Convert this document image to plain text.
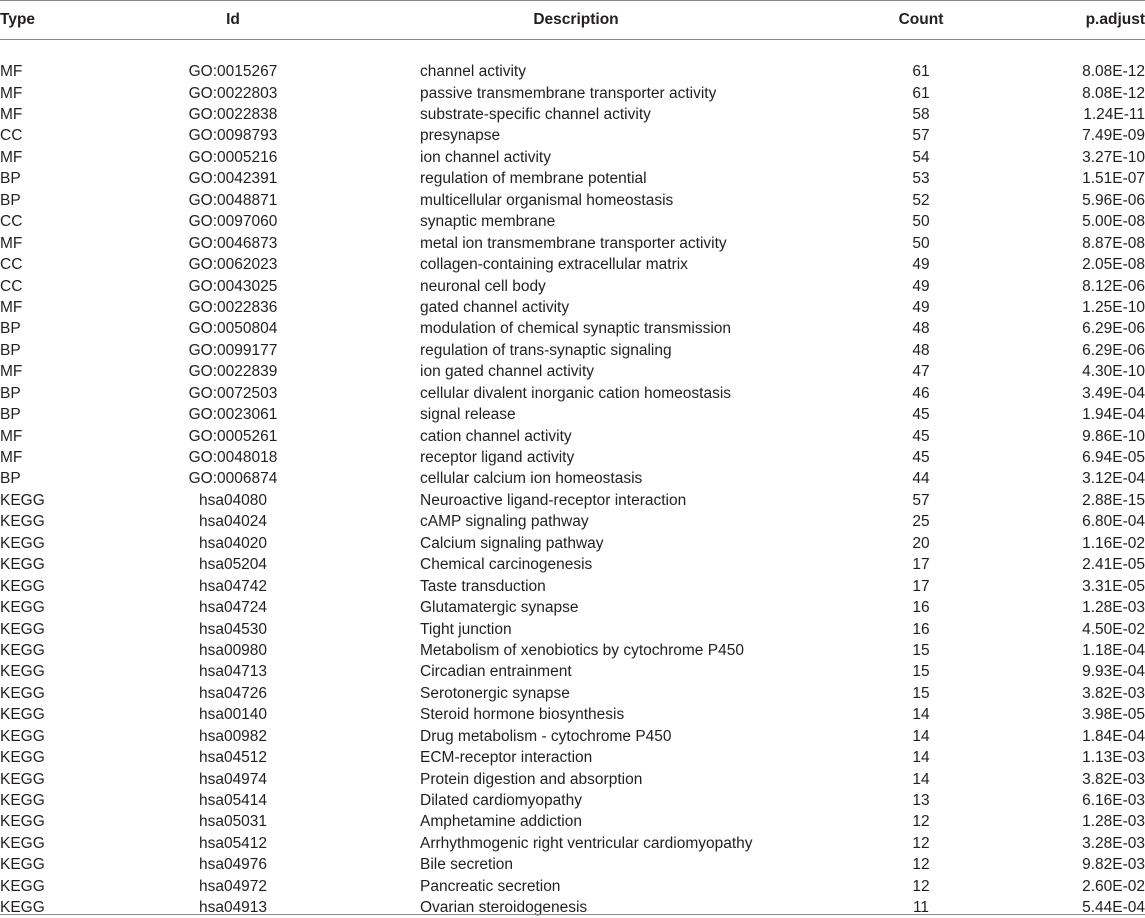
Type	Id	Description	Count	p.adjust

MF	GO:0015267	channel activity	61	8.08E-12
MF	GO:0022803	passive transmembrane transporter activity	61	8.08E-12
MF	GO:0022838	substrate-specific channel activity	58	1.24E-11
CC	GO:0098793	presynapse	57	7.49E-09
MF	GO:0005216	ion channel activity	54	3.27E-10
BP	GO:0042391	regulation of membrane potential	53	1.51E-07
BP	GO:0048871	multicellular organismal homeostasis	52	5.96E-06
CC	GO:0097060	synaptic membrane	50	5.00E-08
MF	GO:0046873	metal ion transmembrane transporter activity	50	8.87E-08
CC	GO:0062023	collagen-containing extracellular matrix	49	2.05E-08
CC	GO:0043025	neuronal cell body	49	8.12E-06
MF	GO:0022836	gated channel activity	49	1.25E-10
BP	GO:0050804	modulation of chemical synaptic transmission	48	6.29E-06
BP	GO:0099177	regulation of trans-synaptic signaling	48	6.29E-06
MF	GO:0022839	ion gated channel activity	47	4.30E-10
BP	GO:0072503	cellular divalent inorganic cation homeostasis	46	3.49E-04
BP	GO:0023061	signal release	45	1.94E-04
MF	GO:0005261	cation channel activity	45	9.86E-10
MF	GO:0048018	receptor ligand activity	45	6.94E-05
BP	GO:0006874	cellular calcium ion homeostasis	44	3.12E-04
KEGG	hsa04080	Neuroactive ligand-receptor interaction	57	2.88E-15
KEGG	hsa04024	cAMP signaling pathway	25	6.80E-04
KEGG	hsa04020	Calcium signaling pathway	20	1.16E-02
KEGG	hsa05204	Chemical carcinogenesis	17	2.41E-05
KEGG	hsa04742	Taste transduction	17	3.31E-05
KEGG	hsa04724	Glutamatergic synapse	16	1.28E-03
KEGG	hsa04530	Tight junction	16	4.50E-02
KEGG	hsa00980	Metabolism of xenobiotics by cytochrome P450	15	1.18E-04
KEGG	hsa04713	Circadian entrainment	15	9.93E-04
KEGG	hsa04726	Serotonergic synapse	15	3.82E-03
KEGG	hsa00140	Steroid hormone biosynthesis	14	3.98E-05
KEGG	hsa00982	Drug metabolism - cytochrome P450	14	1.84E-04
KEGG	hsa04512	ECM-receptor interaction	14	1.13E-03
KEGG	hsa04974	Protein digestion and absorption	14	3.82E-03
KEGG	hsa05414	Dilated cardiomyopathy	13	6.16E-03
KEGG	hsa05031	Amphetamine addiction	12	1.28E-03
KEGG	hsa05412	Arrhythmogenic right ventricular cardiomyopathy	12	3.28E-03
KEGG	hsa04976	Bile secretion	12	9.82E-03
KEGG	hsa04972	Pancreatic secretion	12	2.60E-02
KEGG	hsa04913	Ovarian steroidogenesis	11	5.44E-04
